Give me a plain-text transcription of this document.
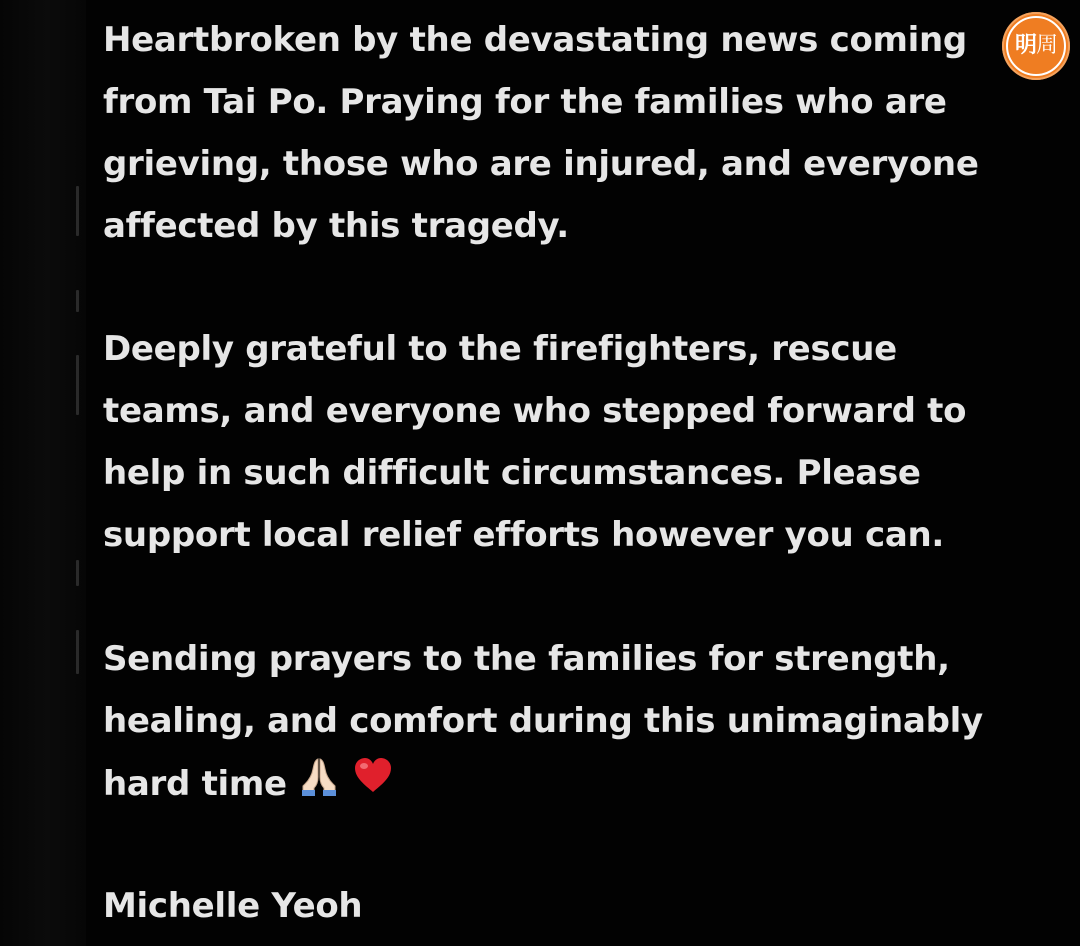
Heartbroken by the devastating news coming
from Tai Po. Praying for the families who are
grieving, those who are injured, and everyone
affected by this tragedy.
Deeply grateful to the firefighters, rescue
teams, and everyone who stepped forward to
help in such difficult circumstances. Please
support local relief efforts however you can.
Sending prayers to the families for strength,
healing, and comfort during this unimaginably
hard time
Michelle Yeoh
明周
